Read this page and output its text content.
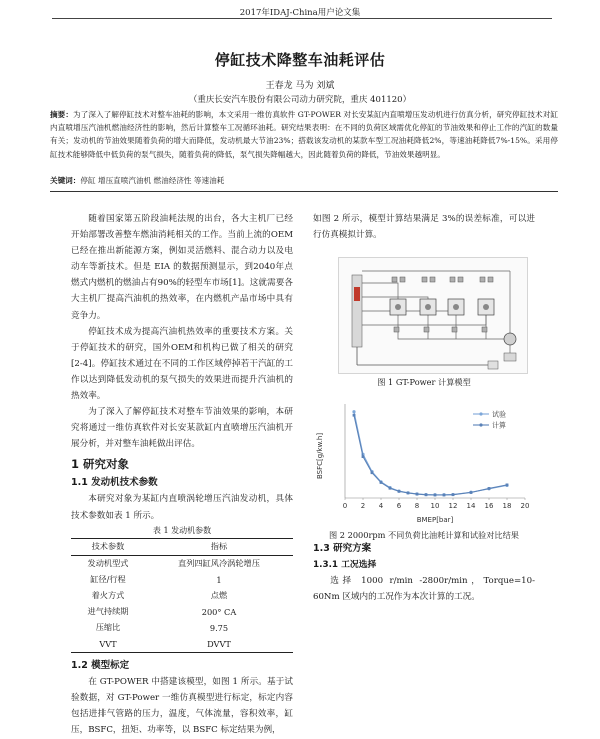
2017年IDAJ-China用户论文集
停缸技术降整车油耗评估
王春龙 马为 刘斌
（重庆长安汽车股份有限公司动力研究院，重庆 401120）
摘要：为了深入了解停缸技术对整车油耗的影响，本文采用一维仿真软件 GT-POWER 对长安某缸内直喷增压发动机进行仿真分析，研究停缸技术对缸内直喷增压汽油机燃油经济性的影响，然后计算整车工况循环油耗。研究结果表明：在不同的负荷区域需优化停缸的节油效果和停止工作的汽缸的数量有关；发动机的节油效果随着负荷的增大而降低，发动机最大节油23%；搭载该发动机的某款车型工况油耗降低2%，等速油耗降低7%-15%。采用停缸技术能够降低中低负荷的泵气损失，随着负荷的降低，泵气损失降幅越大，因此随着负荷的降低，节油效果越明显。
关键词：停缸 增压直喷汽油机 燃油经济性 等速油耗

随着国家第五阶段油耗法规的出台，各大主机厂已经开始部署改善整车燃油消耗相关的工作。当前上流的OEM已经在推出新能源方案，例如灵活燃料、混合动力以及电动车等新技术。但是 EIA 的数据预测显示，到2040年点燃式内燃机的燃油占有90%的轻型车市场[1]。这就需要各大主机厂提高汽油机的热效率，在内燃机产品市场中具有竞争力。

停缸技术成为提高汽油机热效率的重要技术方案。关于停缸技术的研究，国外OEM和机构已做了相关的研究[2-4]。停缸技术通过在不同的工作区域停掉若干汽缸的工作以达到降低发动机的泵气损失的效果进而提升汽油机的热效率。

为了深入了解停缸技术对整车节油效果的影响，本研究将通过一维仿真软件对长安某款缸内直喷增压汽油机开展分析，并对整车油耗做出评估。

1 研究对象
1.1 发动机技术参数

本研究对象为某缸内直喷涡轮增压汽油发动机，具体技术参数如表 1 所示。

表 1 发动机参数
技术参数	指标
发动机型式	直列四缸风冷涡轮增压
缸径/行程	1
着火方式	点燃
进气持续期	200° CA
压缩比	9.75
VVT	DVVT
1.2 模型标定

在 GT-POWER 中搭建该模型，如图 1 所示。基于试验数据，对 GT-Power 一维仿真模型进行标定，标定内容包括进排气管路的压力，温度，气体流量，容积效率，缸压，BSFC，扭矩、功率等，以 BSFC 标定结果为例，

如图 2 所示，模型计算结果满足 3%的误差标准，可以进行仿真模拟计算。

图 1 GT-Power 计算模型
BSFC[g/kw.h]
0 2 4 6 8 10 12 14 16 18 20
试验
计算
BMEP[bar]
图 2 2000rpm 不同负荷比油耗计算和试验对比结果
1.3 研究方案
1.3.1 工况选择

选择 1000 r/min -2800r/min，Torque=10-60Nm 区域内的工况作为本次计算的工况。
